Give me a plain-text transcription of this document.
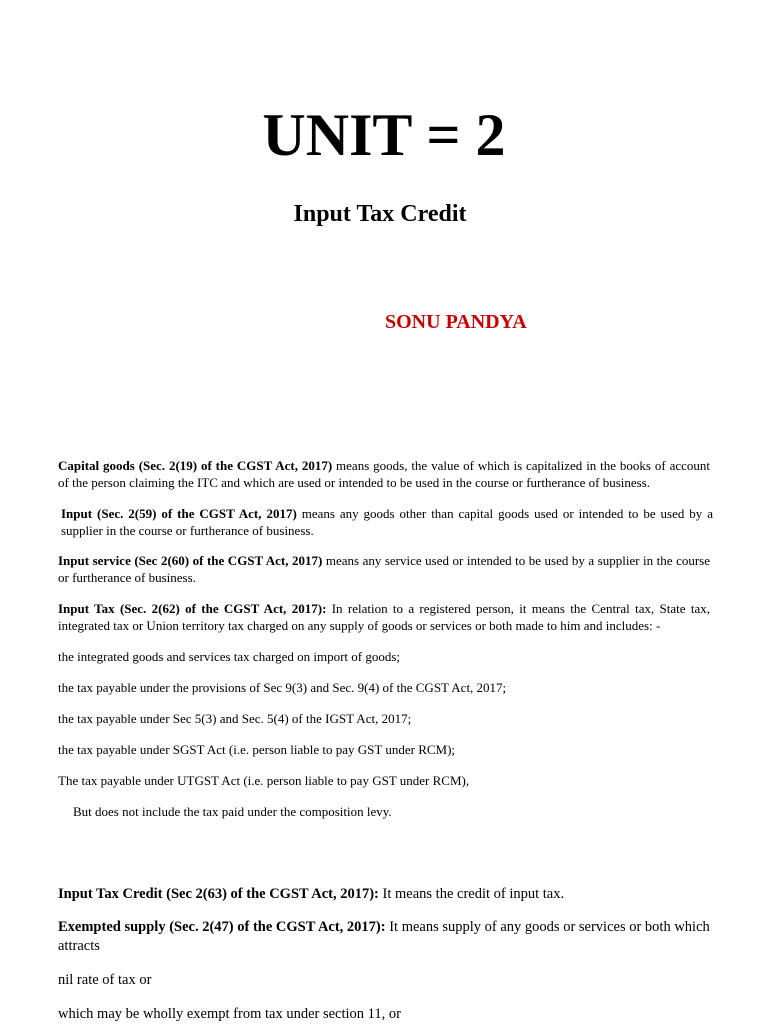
UNIT = 2
Input Tax Credit
SONU PANDYA

Capital goods (Sec. 2(19) of the CGST Act, 2017) means goods, the value of which is capitalized in the books of account of the person claiming the ITC and which are used or intended to be used in the course or furtherance of business.

Input (Sec. 2(59) of the CGST Act, 2017) means any goods other than capital goods used or intended to be used by a supplier in the course or furtherance of business.

Input service (Sec 2(60) of the CGST Act, 2017) means any service used or intended to be used by a supplier in the course or furtherance of business.

Input Tax (Sec. 2(62) of the CGST Act, 2017): In relation to a registered person, it means the Central tax, State tax, integrated tax or Union territory tax charged on any supply of goods or services or both made to him and includes: -

the integrated goods and services tax charged on import of goods;

the tax payable under the provisions of Sec 9(3) and Sec. 9(4) of the CGST Act, 2017;

the tax payable under Sec 5(3) and Sec. 5(4) of the IGST Act, 2017;

the tax payable under SGST Act (i.e. person liable to pay GST under RCM);

The tax payable under UTGST Act (i.e. person liable to pay GST under RCM),

But does not include the tax paid under the composition levy.

Input Tax Credit (Sec 2(63) of the CGST Act, 2017): It means the credit of input tax.

Exempted supply (Sec. 2(47) of the CGST Act, 2017): It means supply of any goods or services or both which attracts

nil rate of tax or

which may be wholly exempt from tax under section 11, or
